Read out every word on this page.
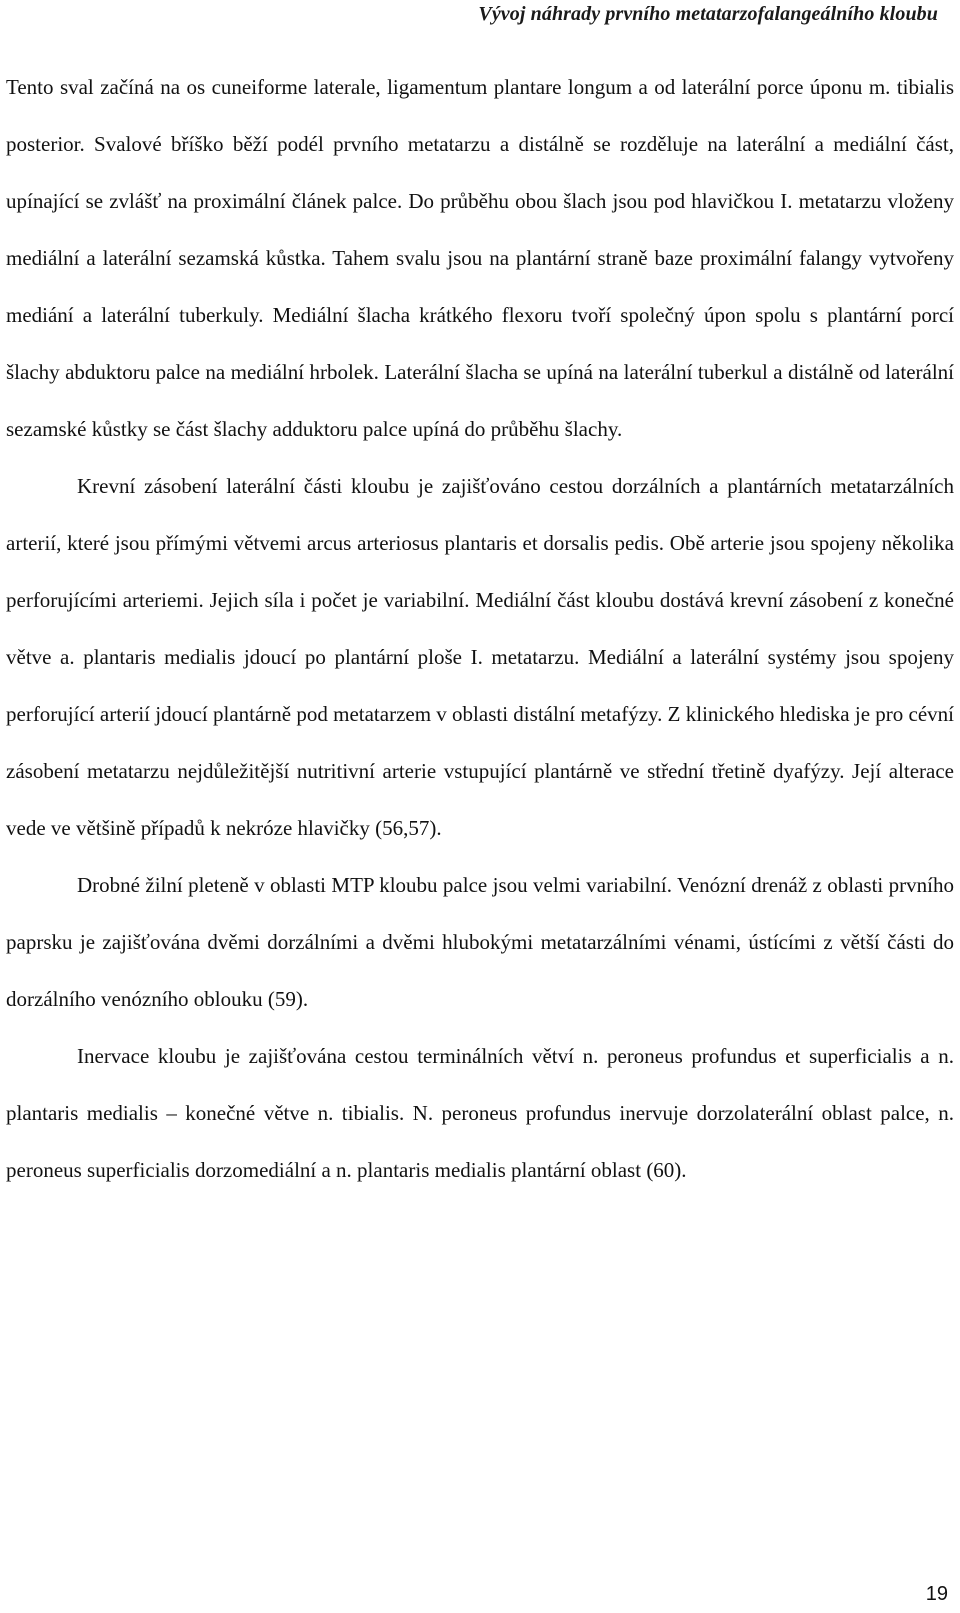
Vývoj náhrady prvního metatarzofalangeálního kloubu

Tento sval začíná na os cuneiforme laterale, ligamentum plantare longum a od laterální porce úponu m. tibialis posterior. Svalové bříško běží podél prvního metatarzu a distálně se rozděluje na laterální a mediální část, upínající se zvlášť na proximální článek palce. Do průběhu obou šlach jsou pod hlavičkou I. metatarzu vloženy mediální a laterální sezamská kůstka. Tahem svalu jsou na plantární straně baze proximální falangy vytvořeny mediání a laterální tuberkuly. Mediální šlacha krátkého flexoru tvoří společný úpon spolu s plantární porcí šlachy abduktoru palce na mediální hrbolek. Laterální šlacha se upíná na laterální tuberkul a distálně od laterální sezamské kůstky se část šlachy adduktoru palce upíná do průběhu šlachy.

Krevní zásobení laterální části kloubu je zajišťováno cestou dorzálních a plantárních metatarzálních arterií, které jsou přímými větvemi arcus arteriosus plantaris et dorsalis pedis. Obě arterie jsou spojeny několika perforujícími arteriemi. Jejich síla i počet je variabilní. Mediální část kloubu dostává krevní zásobení z konečné větve a. plantaris medialis jdoucí po plantární ploše I. metatarzu. Mediální a laterální systémy jsou spojeny perforující arterií jdoucí plantárně pod metatarzem v oblasti distální metafýzy. Z klinického hlediska je pro cévní zásobení metatarzu nejdůležitější nutritivní arterie vstupující plantárně ve střední třetině dyafýzy. Její alterace vede ve většině případů k nekróze hlavičky (56,57).

Drobné žilní pleteně v oblasti MTP kloubu palce jsou velmi variabilní. Venózní drenáž z oblasti prvního paprsku je zajišťována dvěmi dorzálními a dvěmi hlubokými metatarzálními vénami, ústícími z větší části do dorzálního venózního oblouku (59).

Inervace kloubu je zajišťována cestou terminálních větví n. peroneus profundus et superficialis a n. plantaris medialis – konečné větve n. tibialis. N. peroneus profundus inervuje dorzolaterální oblast palce, n. peroneus superficialis dorzomediální a n. plantaris medialis plantární oblast (60).

19
